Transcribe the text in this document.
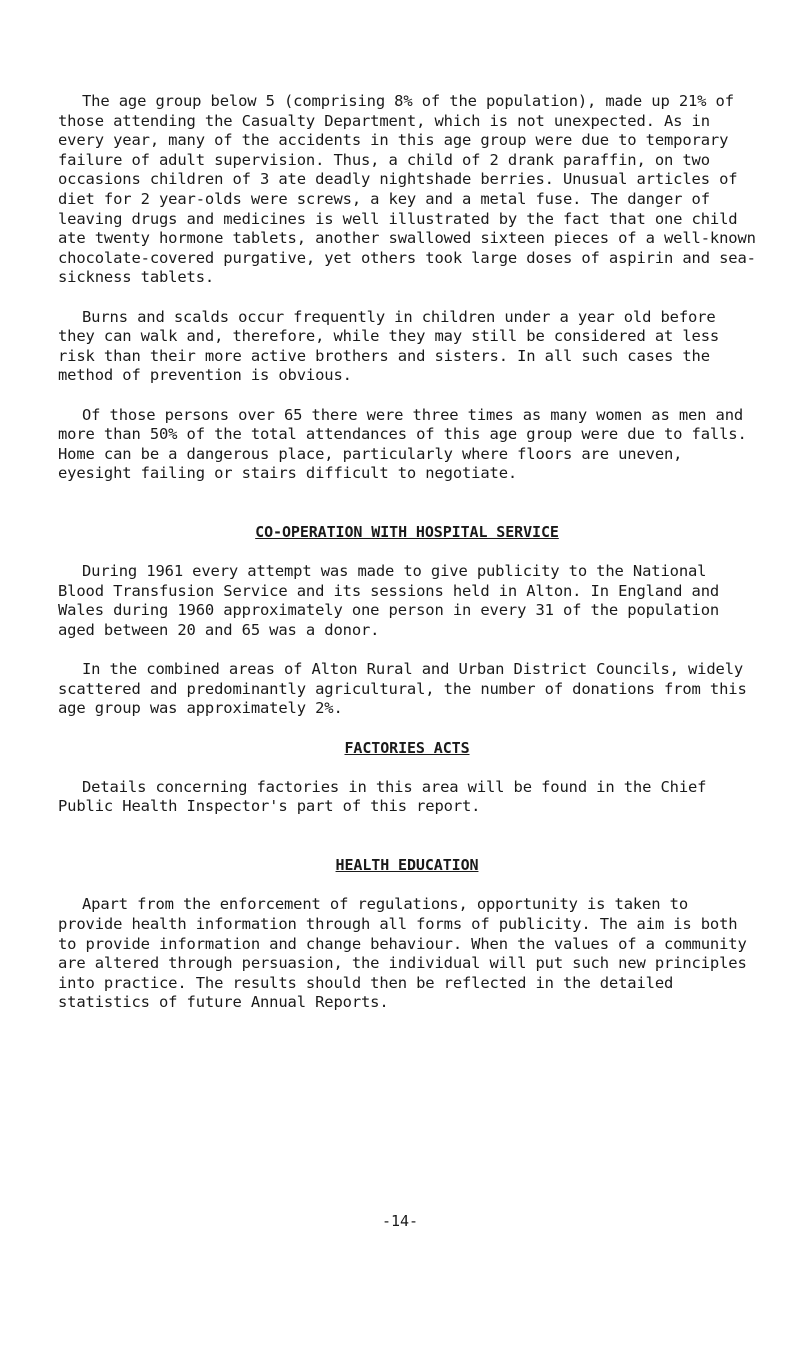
The age group below 5 (comprising 8% of the population), made up 21% of those attending the Casualty Department, which is not unexpected. As in every year, many of the accidents in this age group were due to temporary failure of adult supervision. Thus, a child of 2 drank paraffin, on two occasions children of 3 ate deadly nightshade berries. Unusual articles of diet for 2 year-olds were screws, a key and a metal fuse. The danger of leaving drugs and medicines is well illustrated by the fact that one child ate twenty hormone tablets, another swallowed sixteen pieces of a well-known chocolate-covered purgative, yet others took large doses of aspirin and sea-sickness tablets.

Burns and scalds occur frequently in children under a year old before they can walk and, therefore, while they may still be considered at less risk than their more active brothers and sisters. In all such cases the method of prevention is obvious.

Of those persons over 65 there were three times as many women as men and more than 50% of the total attendances of this age group were due to falls. Home can be a dangerous place, particularly where floors are uneven, eyesight failing or stairs difficult to negotiate.

CO-OPERATION WITH HOSPITAL SERVICE

During 1961 every attempt was made to give publicity to the National Blood Transfusion Service and its sessions held in Alton. In England and Wales during 1960 approximately one person in every 31 of the population aged between 20 and 65 was a donor.

In the combined areas of Alton Rural and Urban District Councils, widely scattered and predominantly agricultural, the number of donations from this age group was approximately 2%.

FACTORIES ACTS

Details concerning factories in this area will be found in the Chief Public Health Inspector's part of this report.

HEALTH EDUCATION

Apart from the enforcement of regulations, opportunity is taken to provide health information through all forms of publicity. The aim is both to provide information and change behaviour. When the values of a community are altered through persuasion, the individual will put such new principles into practice. The results should then be reflected in the detailed statistics of future Annual Reports.

-14-
